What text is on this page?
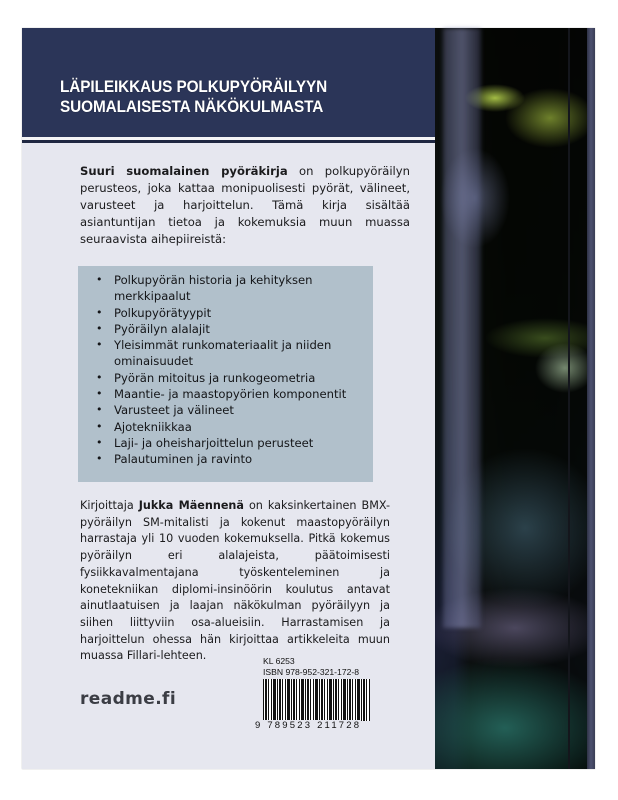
LÄPILEIKKAUS POLKUPYÖRÄILYYN
SUOMALAISESTA NÄKÖKULMASTA

Suuri suomalainen pyöräkirja on polkupyöräilyn perusteos, joka kattaa monipuolisesti pyörät, välineet, varusteet ja harjoittelun. Tämä kirja sisältää asiantuntijan tietoa ja kokemuksia muun muassa seuraavista aihepiireistä:

• Polkupyörän historia ja kehityksen merkkipaalut
• Polkupyörätyypit
• Pyöräilyn alalajit
• Yleisimmät runkomateriaalit ja niiden ominaisuudet
• Pyörän mitoitus ja runkogeometria
• Maantie- ja maastopyörien komponentit
• Varusteet ja välineet
• Ajotekniikkaa
• Laji- ja oheisharjoittelun perusteet
• Palautuminen ja ravinto

Kirjoittaja Jukka Mäennenä on kaksinkertainen BMX-pyöräilyn SM-mitalisti ja kokenut maastopyöräilyn harrastaja yli 10 vuoden kokemuksella. Pitkä kokemus pyöräilyn eri alalajeista, päätoimisesti fysiikkavalmentajana työskenteleminen ja konetekniikan diplomi-insinöörin koulutus antavat ainutlaatuisen ja laajan näkökulman pyöräilyyn ja siihen liittyviin osa-alueisiin. Harrastamisen ja harjoittelun ohessa hän kirjoittaa artikkeleita muun muassa Fillari-lehteen.

readme.fi
KL 6253
ISBN 978-952-321-172-8
9 789523 211728
